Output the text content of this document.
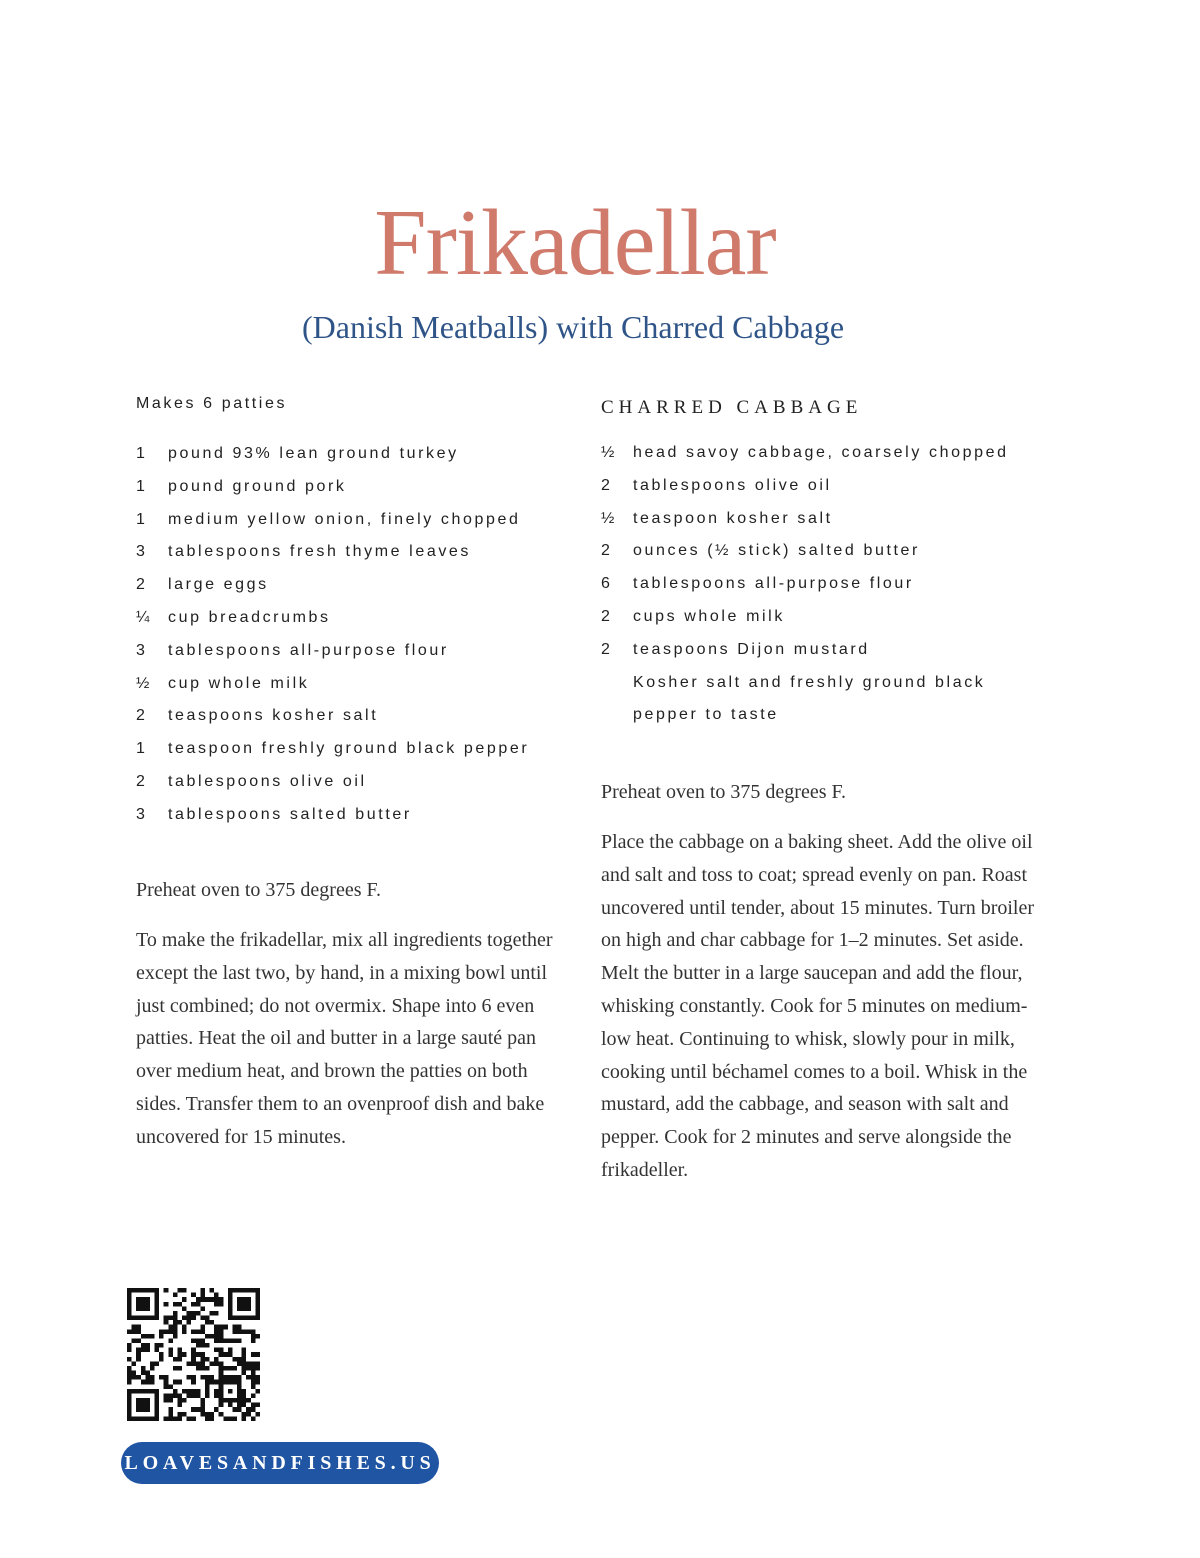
Frikadellar
(Danish Meatballs) with Charred Cabbage

Makes 6 patties

1	pound 93% lean ground turkey
1	pound ground pork
1	medium yellow onion, finely chopped
3	tablespoons fresh thyme leaves
2	large eggs
¼	cup breadcrumbs
3	tablespoons all-purpose flour
½	cup whole milk
2	teaspoons kosher salt
1	teaspoon freshly ground black pepper
2	tablespoons olive oil
3	tablespoons salted butter

Preheat oven to 375 degrees F.

To make the frikadellar, mix all ingredients together except the last two, by hand, in a mixing bowl until just combined; do not overmix. Shape into 6 even patties. Heat the oil and butter in a large sauté pan over medium heat, and brown the patties on both sides. Transfer them to an ovenproof dish and bake uncovered for 15 minutes.

CHARRED CABBAGE
½	head savoy cabbage, coarsely chopped
2	tablespoons olive oil
½	teaspoon kosher salt
2	ounces (½ stick) salted butter
6	tablespoons all-purpose flour
2	cups whole milk
2	teaspoons Dijon mustard
Kosher salt and freshly ground black pepper to taste

Preheat oven to 375 degrees F.

Place the cabbage on a baking sheet. Add the olive oil and salt and toss to coat; spread evenly on pan. Roast uncovered until tender, about 15 minutes. Turn broiler on high and char cabbage for 1–2 minutes. Set aside.

Melt the butter in a large saucepan and add the flour, whisking constantly. Cook for 5 minutes on medium-low heat. Continuing to whisk, slowly pour in milk, cooking until béchamel comes to a boil. Whisk in the mustard, add the cabbage, and season with salt and pepper. Cook for 2 minutes and serve alongside the frikadeller.

LOAVESANDFISHES.US
